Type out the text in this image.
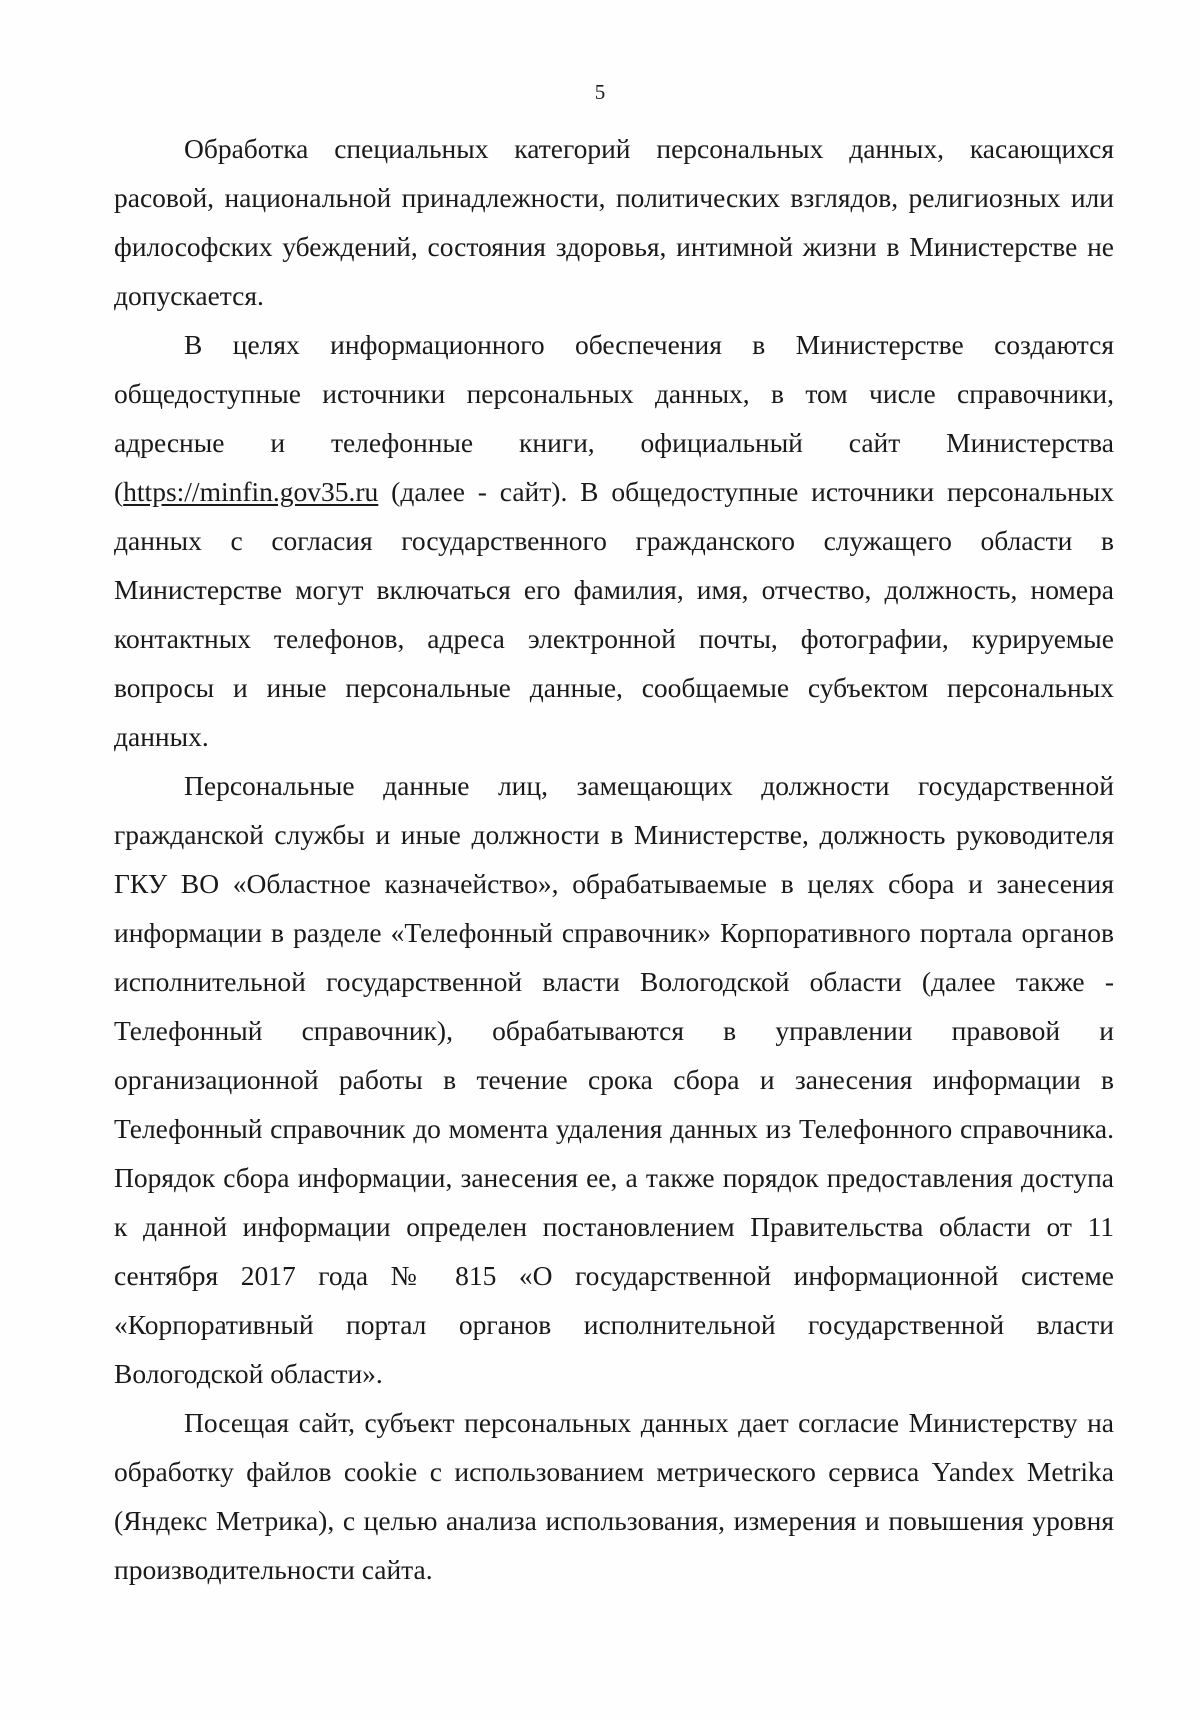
5

Обработка специальных категорий персональных данных, касающихся расовой, национальной принадлежности, политических взглядов, религиозных или философских убеждений, состояния здоровья, интимной жизни в Министерстве не допускается.

В целях информационного обеспечения в Министерстве создаются общедоступные источники персональных данных, в том числе справочники, адресные и телефонные книги, официальный сайт Министерства (https://minfin.gov35.ru (далее - сайт). В общедоступные источники персональных данных с согласия государственного гражданского служащего области в Министерстве могут включаться его фамилия, имя, отчество, должность, номера контактных телефонов, адреса электронной почты, фотографии, курируемые вопросы и иные персональные данные, сообщаемые субъектом персональных данных.

Персональные данные лиц, замещающих должности государственной гражданской службы и иные должности в Министерстве, должность руководителя ГКУ ВО «Областное казначейство», обрабатываемые в целях сбора и занесения информации в разделе «Телефонный справочник» Корпоративного портала органов исполнительной государственной власти Вологодской области (далее также - Телефонный справочник), обрабатываются в управлении правовой и организационной работы в течение срока сбора и занесения информации в Телефонный справочник до момента удаления данных из Телефонного справочника. Порядок сбора информации, занесения ее, а также порядок предоставления доступа к данной информации определен постановлением Правительства области от 11 сентября 2017 года № 815 «О государственной информационной системе «Корпоративный портал органов исполнительной государственной власти Вологодской области».

Посещая сайт, субъект персональных данных дает согласие Министерству на обработку файлов cookie с использованием метрического сервиса Yandex Metrika (Яндекс Метрика), с целью анализа использования, измерения и повышения уровня производительности сайта.
